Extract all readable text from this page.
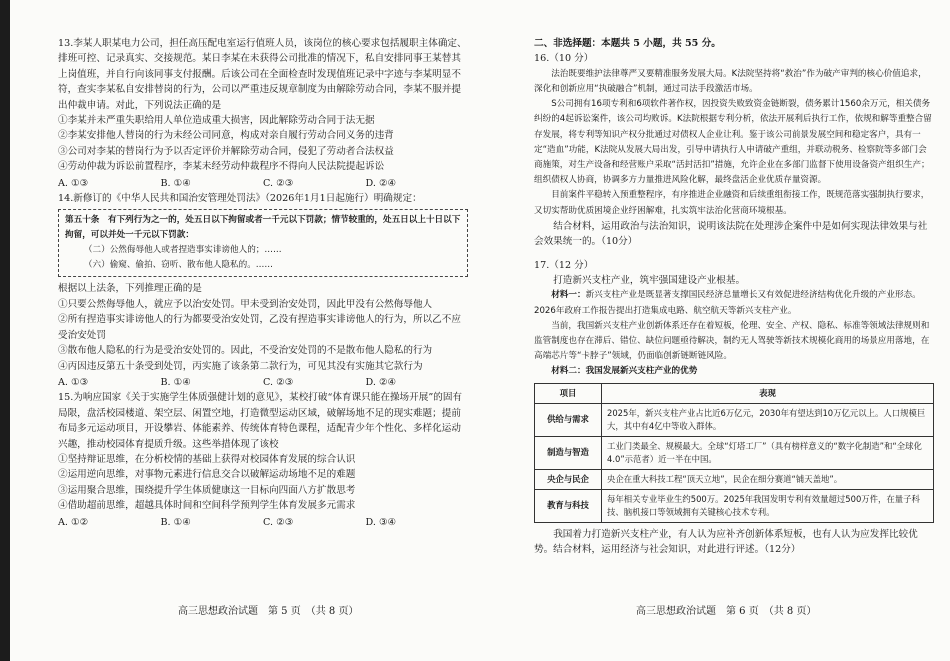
13.李某人职某电力公司，担任高压配电室运行值班人员，该岗位的核心要求包括履职主体确定、排班可控、记录真实、交接规范。某日李某在未获得公司批准的情况下，私自安排同事王某替其上岗值班，并自行向该同事支付报酬。后该公司在全面检查时发现值班记录中字迹与李某明显不符，查实李某私自安排替岗的行为，公司以严重违反规章制度为由解除劳动合同，李某不服并提出仲裁申请。对此，下列说法正确的是

①李某并未严重失职给用人单位造成重大损害，因此解除劳动合同于法无据

②李某安排他人替岗的行为未经公司同意，构成对亲自履行劳动合同义务的违背

③公司对李某的替岗行为予以否定评价并解除劳动合同，侵犯了劳动者合法权益

④劳动仲裁为诉讼前置程序，李某未经劳动仲裁程序不得向人民法院提起诉讼

A. ①③	B. ①④	C. ②③	D. ②④

14.新修订的《中华人民共和国治安管理处罚法》（2026年1月1日起施行）明确规定：

第五十条　有下列行为之一的，处五日以下拘留或者一千元以下罚款；情节较重的，处五日以上十日以下拘留，可以并处一千元以下罚款：
（二）公然侮辱他人或者捏造事实诽谤他人的；……
（六）偷窥、偷拍、窃听、散布他人隐私的。……

根据以上法条，下列推理正确的是

①只要公然侮辱他人，就应予以治安处罚。甲未受到治安处罚，因此甲没有公然侮辱他人

②所有捏造事实诽谤他人的行为都要受治安处罚，乙没有捏造事实诽谤他人的行为，所以乙不应受治安处罚

③散布他人隐私的行为是受治安处罚的。因此，不受治安处罚的不是散布他人隐私的行为

④丙因违反第五十条受到处罚，丙实施了该条第二款行为，可见其没有实施其它款行为

A. ①③	B. ①④	C. ②③	D. ②④

15.为响应国家《关于实施学生体质强健计划的意见》，某校打破“体育课只能在操场开展”的固有局限，盘活校园楼道、架空层、闲置空地，打造微型运动区域，破解场地不足的现实难题；提前布局多元运动项目，开设攀岩、体能素养、传统体育特色课程，适配青少年个性化、多样化运动兴趣，推动校园体育提质升级。这些举措体现了该校

①坚持辩证思维，在分析校情的基础上获得对校园体育发展的综合认识

②运用逆向思维，对事物元素进行信息交合以破解运动场地不足的难题

③运用聚合思维，围绕提升学生体质健康这一目标向四面八方扩散思考

④借助超前思维，超越具体时间和空间科学预判学生体育发展多元需求

A. ①②	B. ①④	C. ②③	D. ③④
高三思想政治试题　第 5 页　（共 8 页）

二、非选择题：本题共 5 小题，共 55 分。

16.（10 分）

法治既要维护法律尊严又要精准服务发展大局。K法院坚持将“救治”作为破产审判的核心价值追求，深化和创新应用“执破融合”机制，通过司法手段激活市场。

S公司拥有16项专利和6项软件著作权，因投资失败致资金链断裂，债务累计1560余万元，相关债务纠纷的4起诉讼案件，该公司均败诉。K法院根据专利分析，依法开展利后执行工作，依规和解等重整合留存发展，将专利等知识产权分批通过对债权人企业让利。鉴于该公司前景发展空间和稳定客户，具有一定“造血”功能，K法院从发展大局出发，引导申请执行人申请破产重组，并联动税务、检察院等多部门会商施策，对生产设备和经营账户采取“活封活扣”措施，允许企业在多部门监督下使用设备资产组织生产；组织债权人协商，协调多方力量推进风险化解，最终盘活企业优质存量资源。

目前案件平稳转入预重整程序，有序推进企业融资和后续重组衔接工作，既规范落实强制执行要求，又切实帮助优质困境企业纾困解难，扎实筑牢法治化营商环境根基。

结合材料，运用政治与法治知识，说明该法院在处理涉企案件中是如何实现法律效果与社会效果统一的。（10分）

17.（12 分）

打造新兴支柱产业，筑牢强国建设产业根基。

材料一：新兴支柱产业是既显著支撑国民经济总量增长又有效促进经济结构优化升级的产业形态。2026年政府工作报告提出打造集成电路、航空航天等新兴支柱产业。

当前，我国新兴支柱产业创新体系还存在着短板，伦理、安全、产权、隐私、标准等领域法律规则和监管制度也存在滞后、错位、缺位问题亟待解决，制约无人驾驶等新技术规模化商用的场景应用落地，在高端芯片等“卡脖子”领域，仍面临创新链断链风险。

材料二：我国发展新兴支柱产业的优势

项目	表现
供给与需求	2025年，新兴支柱产业占比近6万亿元，2030年有望达到10万亿元以上。人口规模巨大，其中有4亿中等收入群体。
制造与智造	工业门类最全、规模最大。全球“灯塔工厂”（具有榜样意义的“数字化制造”和“全球化4.0”示范者）近一半在中国。
央企与民企	央企在重大科技工程“顶天立地”，民企在细分赛道“铺天盖地”。
教育与科技	每年相关专业毕业生约500万。2025年我国发明专利有效量超过500万件，在量子科技、脑机接口等领域拥有关键核心技术专利。

我国着力打造新兴支柱产业，有人认为应补齐创新体系短板，也有人认为应发挥比较优势。结合材料，运用经济与社会知识，对此进行评述。（12分）

高三思想政治试题　第 6 页　（共 8 页）
